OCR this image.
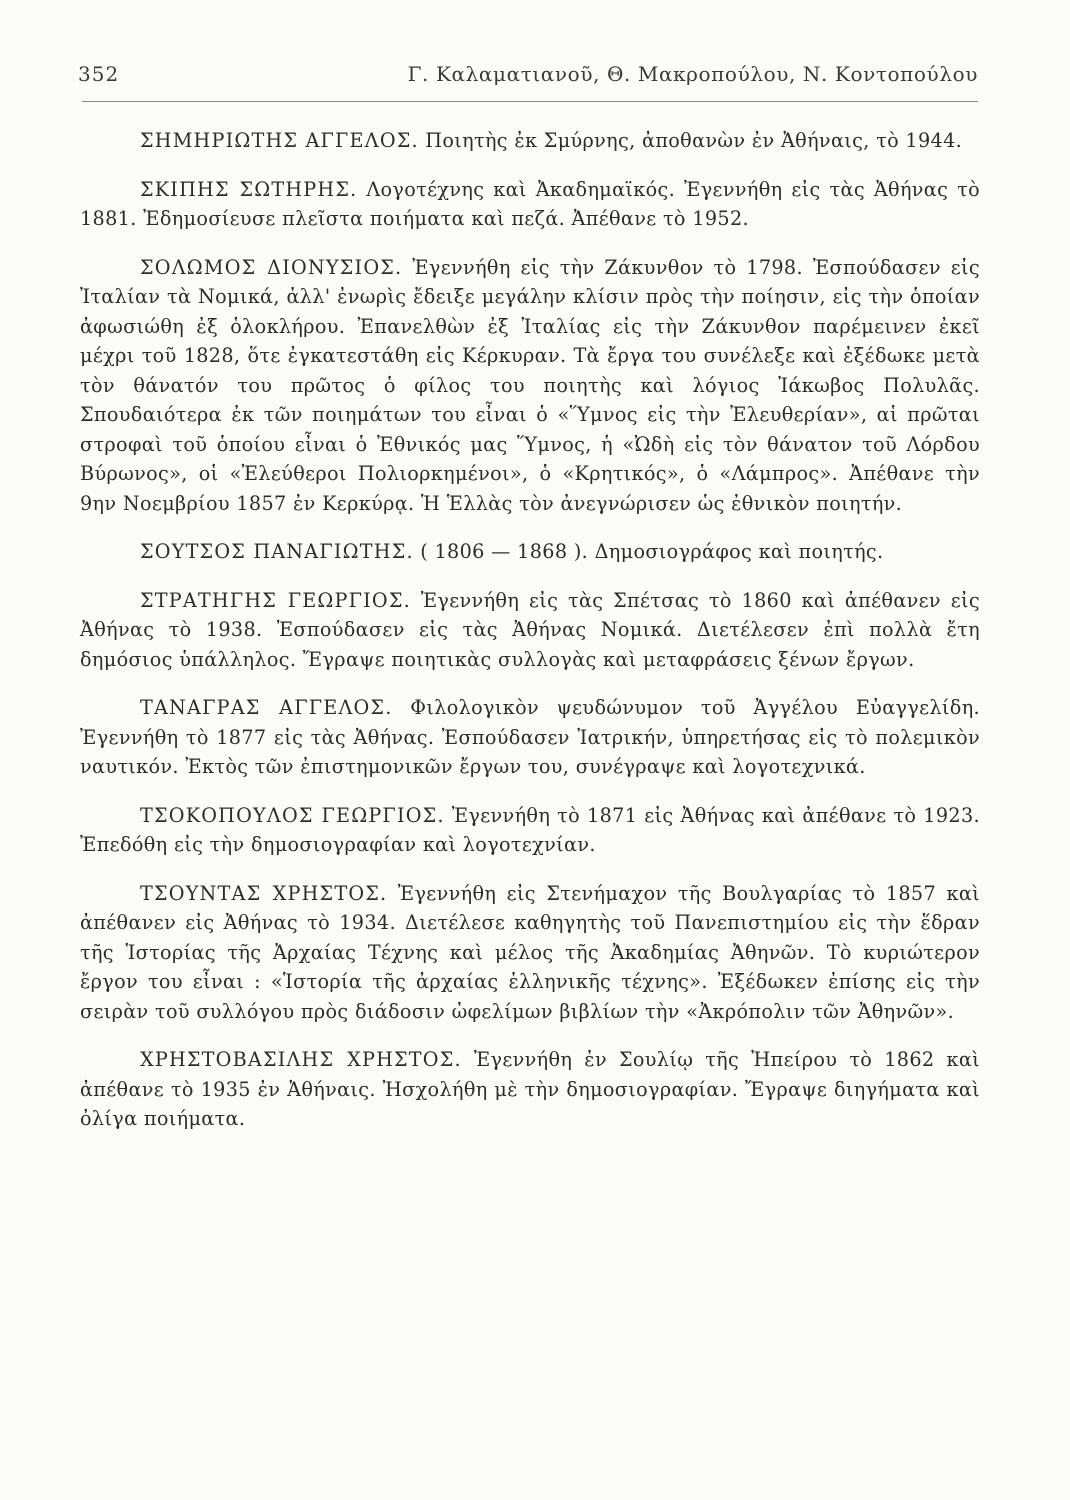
352	Γ. Καλαματιανοῦ, Θ. Μακροπούλου, Ν. Κοντοπούλου

ΣΗΜΗΡΙΩΤΗΣ ΑΓΓΕΛΟΣ. Ποιητὴς ἐκ Σμύρνης, ἀποθανὼν ἐν Ἀθήναις, τὸ 1944.

ΣΚΙΠΗΣ ΣΩΤΗΡΗΣ. Λογοτέχνης καὶ Ἀκαδημαϊκός. Ἐγεννήθη εἰς τὰς Ἀθήνας τὸ 1881. Ἐδημοσίευσε πλεῖστα ποιήματα καὶ πεζά. Ἀπέθανε τὸ 1952.

ΣΟΛΩΜΟΣ ΔΙΟΝΥΣΙΟΣ. Ἐγεννήθη εἰς τὴν Ζάκυνθον τὸ 1798. Ἐσπούδασεν εἰς Ἰταλίαν τὰ Νομικά, ἀλλ' ἐνωρὶς ἔδειξε μεγάλην κλίσιν πρὸς τὴν ποίησιν, εἰς τὴν ὁποίαν ἀφωσιώθη ἐξ ὁλοκλήρου. Ἐπανελθὼν ἐξ Ἰταλίας εἰς τὴν Ζάκυνθον παρέμεινεν ἐκεῖ μέχρι τοῦ 1828, ὅτε ἐγκατεστάθη εἰς Κέρκυραν. Τὰ ἔργα του συνέλεξε καὶ ἐξέδωκε μετὰ τὸν θάνατόν του πρῶτος ὁ φίλος του ποιητὴς καὶ λόγιος Ἰάκωβος Πολυλᾶς. Σπουδαιότερα ἐκ τῶν ποιημάτων του εἶναι ὁ «Ὕμνος εἰς τὴν Ἐλευθερίαν», αἱ πρῶται στροφαὶ τοῦ ὁποίου εἶναι ὁ Ἐθνικός μας Ὕμνος, ἡ «Ὠδὴ εἰς τὸν θάνατον τοῦ Λόρδου Βύρωνος», οἱ «Ἐλεύθεροι Πολιορκημένοι», ὁ «Κρητικός», ὁ «Λάμπρος». Ἀπέθανε τὴν 9ην Νοεμβρίου 1857 ἐν Κερκύρᾳ. Ἡ Ἑλλὰς τὸν ἀνεγνώρισεν ὡς ἐθνικὸν ποιητήν.

ΣΟΥΤΣΟΣ ΠΑΝΑΓΙΩΤΗΣ. ( 1806 — 1868 ). Δημοσιογράφος καὶ ποιητής.

ΣΤΡΑΤΗΓΗΣ ΓΕΩΡΓΙΟΣ. Ἐγεννήθη εἰς τὰς Σπέτσας τὸ 1860 καὶ ἀπέθανεν εἰς Ἀθήνας τὸ 1938. Ἐσπούδασεν εἰς τὰς Ἀθήνας Νομικά. Διετέλεσεν ἐπὶ πολλὰ ἔτη δημόσιος ὑπάλληλος. Ἔγραψε ποιητικὰς συλλογὰς καὶ μεταφράσεις ξένων ἔργων.

ΤΑΝΑΓΡΑΣ ΑΓΓΕΛΟΣ. Φιλολογικὸν ψευδώνυμον τοῦ Ἀγγέλου Εὐαγγελίδη. Ἐγεννήθη τὸ 1877 εἰς τὰς Ἀθήνας. Ἐσπούδασεν Ἰατρικήν, ὑπηρετήσας εἰς τὸ πολεμικὸν ναυτικόν. Ἐκτὸς τῶν ἐπιστημονικῶν ἔργων του, συνέγραψε καὶ λογοτεχνικά.

ΤΣΟΚΟΠΟΥΛΟΣ ΓΕΩΡΓΙΟΣ. Ἐγεννήθη τὸ 1871 εἰς Ἀθήνας καὶ ἀπέθανε τὸ 1923. Ἐπεδόθη εἰς τὴν δημοσιογραφίαν καὶ λογοτεχνίαν.

ΤΣΟΥΝΤΑΣ ΧΡΗΣΤΟΣ. Ἐγεννήθη εἰς Στενήμαχον τῆς Βουλγαρίας τὸ 1857 καὶ ἀπέθανεν εἰς Ἀθήνας τὸ 1934. Διετέλεσε καθηγητὴς τοῦ Πανεπιστημίου εἰς τὴν ἕδραν τῆς Ἱστορίας τῆς Ἀρχαίας Τέχνης καὶ μέλος τῆς Ἀκαδημίας Ἀθηνῶν. Τὸ κυριώτερον ἔργον του εἶναι : «Ἱστορία τῆς ἀρχαίας ἑλληνικῆς τέχνης». Ἐξέδωκεν ἐπίσης εἰς τὴν σειρὰν τοῦ συλλόγου πρὸς διάδοσιν ὠφελίμων βιβλίων τὴν «Ἀκρόπολιν τῶν Ἀθηνῶν».

ΧΡΗΣΤΟΒΑΣΙΛΗΣ ΧΡΗΣΤΟΣ. Ἐγεννήθη ἐν Σουλίῳ τῆς Ἠπείρου τὸ 1862 καὶ ἀπέθανε τὸ 1935 ἐν Ἀθήναις. Ἠσχολήθη μὲ τὴν δημοσιογραφίαν. Ἔγραψε διηγήματα καὶ ὀλίγα ποιήματα.
